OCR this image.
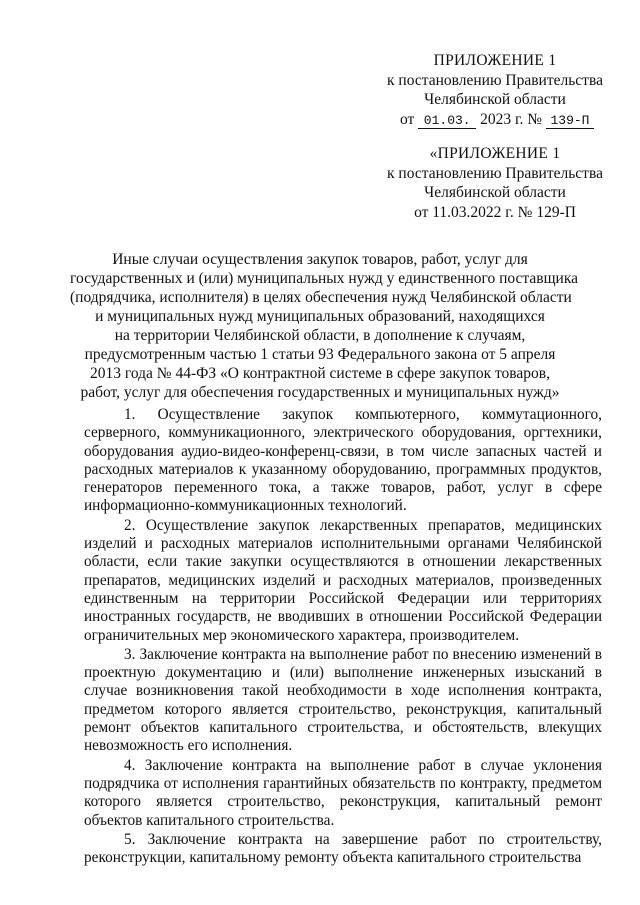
ПРИЛОЖЕНИЕ 1
к постановлению Правительства
Челябинской области
от 01.03. 2023 г. № 139-П
«ПРИЛОЖЕНИЕ 1
к постановлению Правительства
Челябинской области
от 11.03.2022 г. № 129-П
Иные случаи осуществления закупок товаров, работ, услуг для
государственных и (или) муниципальных нужд у единственного поставщика
(подрядчика, исполнителя) в целях обеспечения нужд Челябинской области
и муниципальных нужд муниципальных образований, находящихся
на территории Челябинской области, в дополнение к случаям,
предусмотренным частью 1 статьи 93 Федерального закона от 5 апреля
2013 года № 44-ФЗ «О контрактной системе в сфере закупок товаров,
работ, услуг для обеспечения государственных и муниципальных нужд»

1. Осуществление закупок компьютерного, коммутационного, серверного, коммуникационного, электрического оборудования, оргтехники, оборудования аудио-видео-конференц-связи, в том числе запасных частей и расходных материалов к указанному оборудованию, программных продуктов, генераторов переменного тока, а также товаров, работ, услуг в сфере информационно-коммуникационных технологий.

2. Осуществление закупок лекарственных препаратов, медицинских изделий и расходных материалов исполнительными органами Челябинской области, если такие закупки осуществляются в отношении лекарственных препаратов, медицинских изделий и расходных материалов, произведенных единственным на территории Российской Федерации или территориях иностранных государств, не вводивших в отношении Российской Федерации ограничительных мер экономического характера, производителем.

3. Заключение контракта на выполнение работ по внесению изменений в проектную документацию и (или) выполнение инженерных изысканий в случае возникновения такой необходимости в ходе исполнения контракта, предметом которого является строительство, реконструкция, капитальный ремонт объектов капитального строительства, и обстоятельств, влекущих невозможность его исполнения.

4. Заключение контракта на выполнение работ в случае уклонения подрядчика от исполнения гарантийных обязательств по контракту, предметом которого является строительство, реконструкция, капитальный ремонт объектов капитального строительства.

5. Заключение контракта на завершение работ по строительству, реконструкции, капитальному ремонту объекта капитального строительства
